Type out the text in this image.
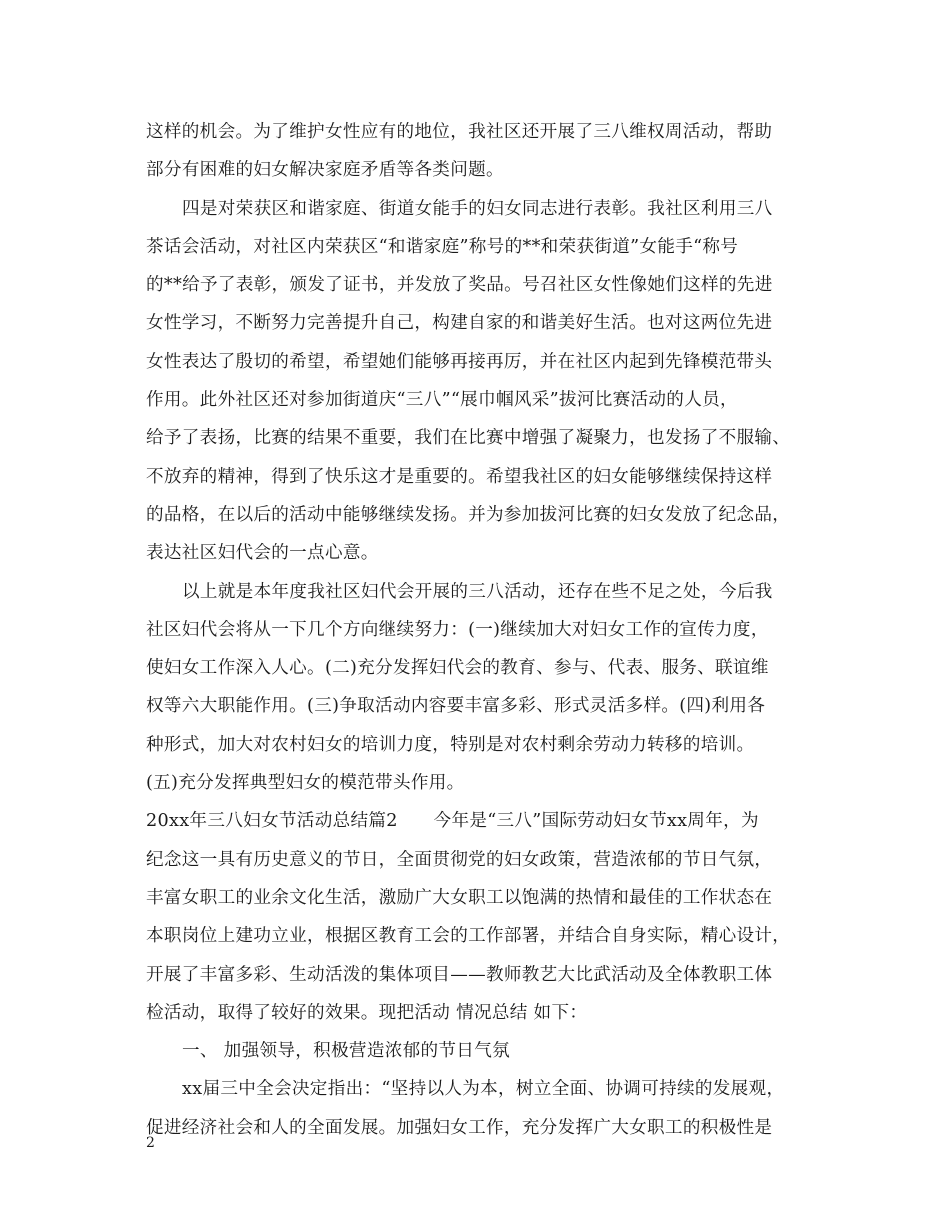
这样的机会。为了维护女性应有的地位，我社区还开展了三八维权周活动，帮助
部分有困难的妇女解决家庭矛盾等各类问题。
四是对荣获区和谐家庭、街道女能手的妇女同志进行表彰。我社区利用三八
茶话会活动，对社区内荣获区“和谐家庭”称号的**和荣获街道”女能手“称号
的**给予了表彰，颁发了证书，并发放了奖品。号召社区女性像她们这样的先进
女性学习，不断努力完善提升自己，构建自家的和谐美好生活。也对这两位先进
女性表达了殷切的希望，希望她们能够再接再厉，并在社区内起到先锋模范带头
作用。此外社区还对参加街道庆“三八”“展巾帼风采”拔河比赛活动的人员，
给予了表扬，比赛的结果不重要，我们在比赛中增强了凝聚力，也发扬了不服输、
不放弃的精神，得到了快乐这才是重要的。希望我社区的妇女能够继续保持这样
的品格，在以后的活动中能够继续发扬。并为参加拔河比赛的妇女发放了纪念品，
表达社区妇代会的一点心意。
以上就是本年度我社区妇代会开展的三八活动，还存在些不足之处，今后我
社区妇代会将从一下几个方向继续努力：(一)继续加大对妇女工作的宣传力度，
使妇女工作深入人心。(二)充分发挥妇代会的教育、参与、代表、服务、联谊维
权等六大职能作用。(三)争取活动内容要丰富多彩、形式灵活多样。(四)利用各
种形式，加大对农村妇女的培训力度，特别是对农村剩余劳动力转移的培训。
(五)充分发挥典型妇女的模范带头作用。
20xx年三八妇女节活动总结篇2　　今年是“三八”国际劳动妇女节xx周年，为
纪念这一具有历史意义的节日，全面贯彻党的妇女政策，营造浓郁的节日气氛，
丰富女职工的业余文化生活，激励广大女职工以饱满的热情和最佳的工作状态在
本职岗位上建功立业，根据区教育工会的工作部署，并结合自身实际，精心设计，
开展了丰富多彩、生动活泼的集体项目——教师教艺大比武活动及全体教职工体
检活动，取得了较好的效果。现把活动 情况总结 如下：
一、 加强领导，积极营造浓郁的节日气氛
xx届三中全会决定指出：“坚持以人为本，树立全面、协调可持续的发展观，
促进经济社会和人的全面发展。加强妇女工作，充分发挥广大女职工的积极性是
2
